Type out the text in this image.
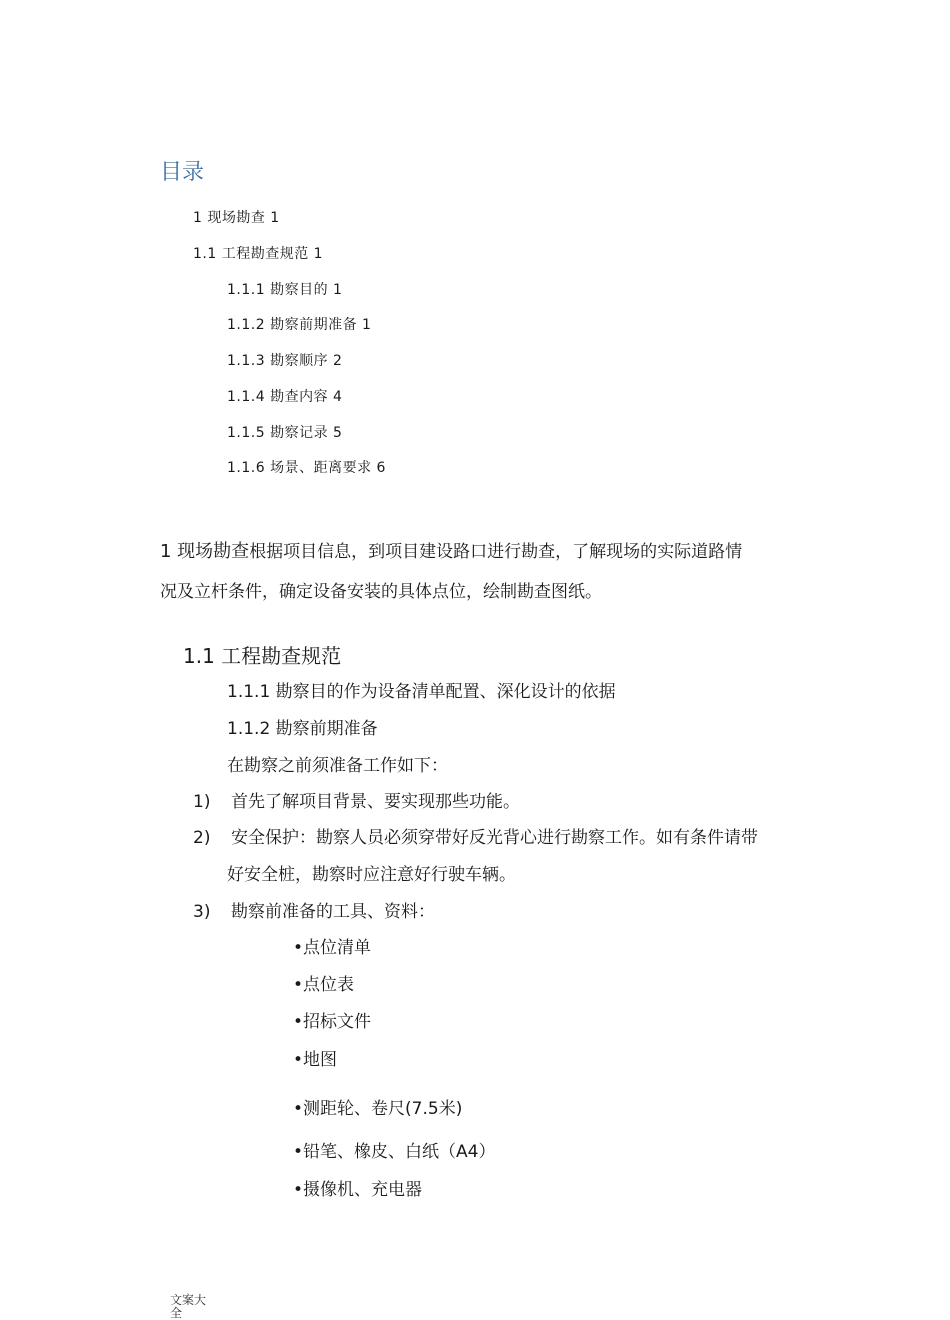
目录
1 现场勘查 1
1.1 工程勘查规范 1
1.1.1 勘察目的 1
1.1.2 勘察前期准备 1
1.1.3 勘察顺序 2
1.1.4 勘查内容 4
1.1.5 勘察记录 5
1.1.6 场景、距离要求 6
1 现场勘查根据项目信息，到项目建设路口进行勘查，了解现场的实际道路情
况及立杆条件，确定设备安装的具体点位，绘制勘查图纸。
1.1 工程勘查规范
1.1.1 勘察目的作为设备清单配置、深化设计的依据
1.1.2 勘察前期准备
在勘察之前须准备工作如下：
1) 首先了解项目背景、要实现那些功能。
2) 安全保护：勘察人员必须穿带好反光背心进行勘察工作。如有条件请带
好安全桩，勘察时应注意好行驶车辆。
3) 勘察前准备的工具、资料：
•点位清单
•点位表
•招标文件
•地图
•测距轮、卷尺(7.5米)
•铅笔、橡皮、白纸（A4）
•摄像机、充电器
文案大全
